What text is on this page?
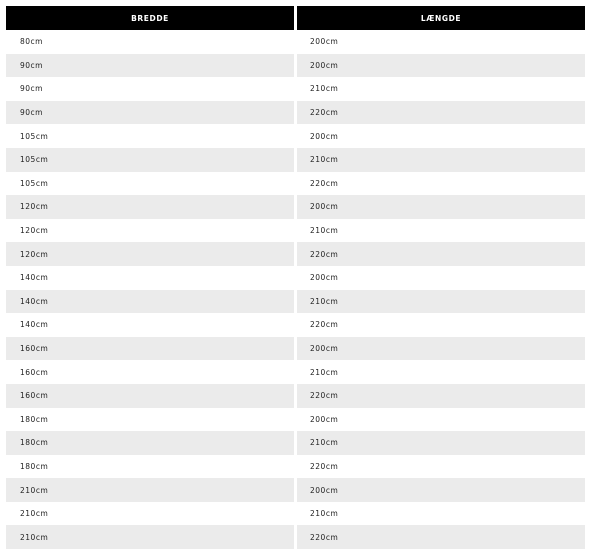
BREDDE	LÆNGDE
80cm	200cm
90cm	200cm
90cm	210cm
90cm	220cm
105cm	200cm
105cm	210cm
105cm	220cm
120cm	200cm
120cm	210cm
120cm	220cm
140cm	200cm
140cm	210cm
140cm	220cm
160cm	200cm
160cm	210cm
160cm	220cm
180cm	200cm
180cm	210cm
180cm	220cm
210cm	200cm
210cm	210cm
210cm	220cm
